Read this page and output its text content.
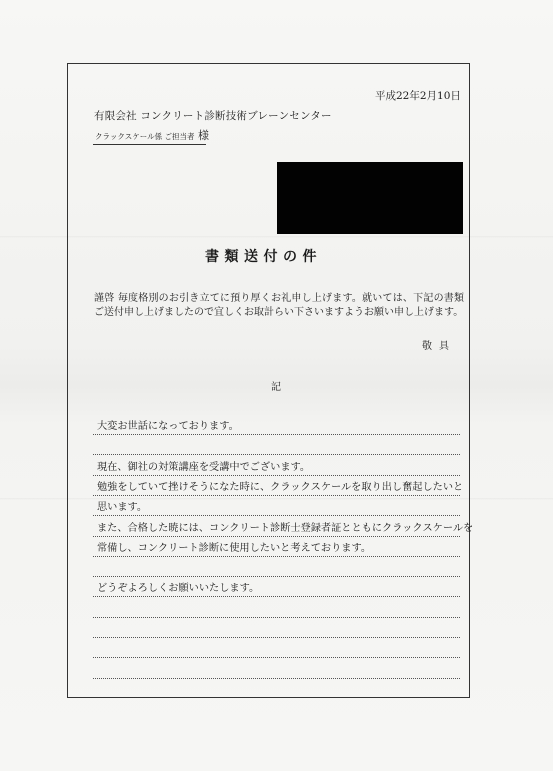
平成22年2月10日
有限会社 コンクリート診断技術ブレーンセンター
クラックスケール係 ご担当者 様
書類送付の件
謹啓 毎度格別のお引き立てに預り厚くお礼申し上げます。就いては、下記の書類ご送付申し上げましたので宜しくお取計らい下さいますようお願い申し上げます。
敬具
記
大変お世話になっております。
現在、御社の対策講座を受講中でございます。
勉強をしていて挫けそうになた時に、クラックスケールを取り出し奮起したいと
思います。
また、合格した暁には、コンクリート診断士登録者証とともにクラックスケールを
常備し、コンクリート診断に使用したいと考えております。
どうぞよろしくお願いいたします。
